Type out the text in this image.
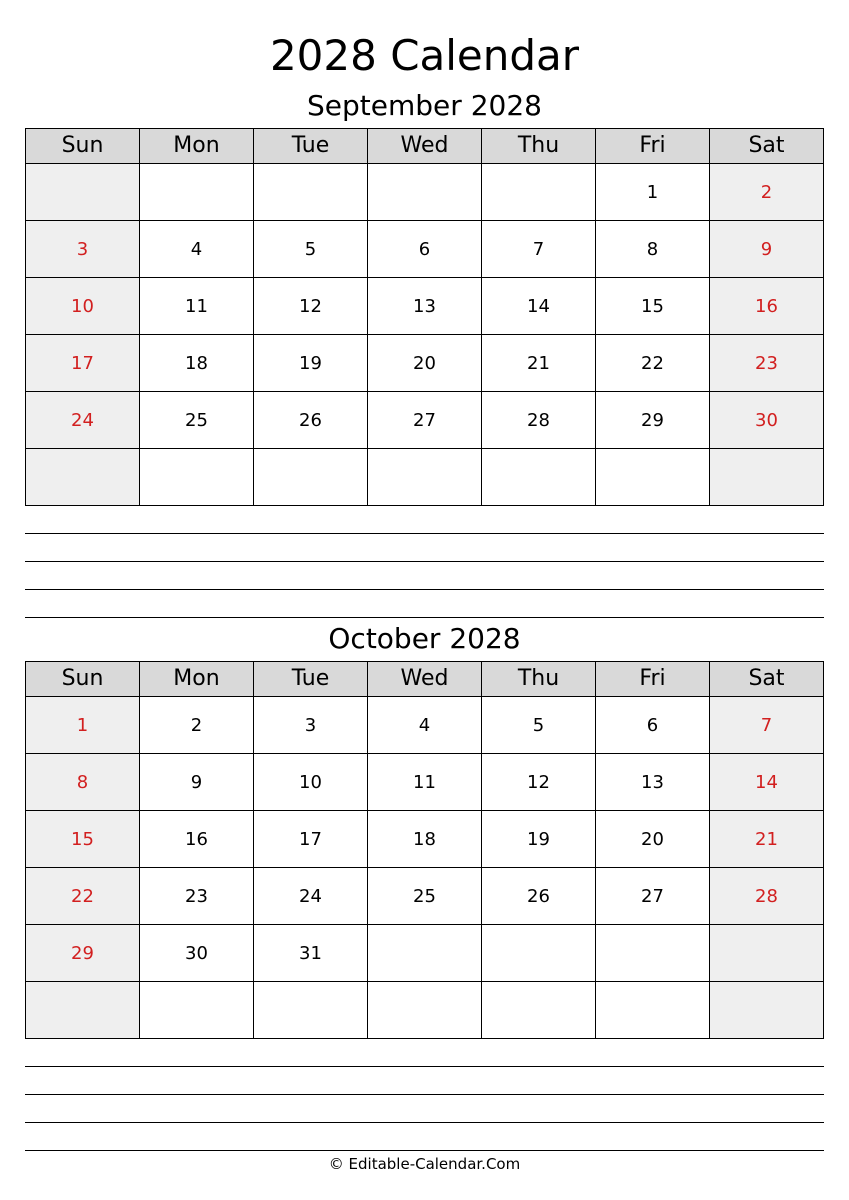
2028 Calendar
September 2028
Sun	Mon	Tue	Wed	Thu	Fri	Sat
					1	2
3	4	5	6	7	8	9
10	11	12	13	14	15	16
17	18	19	20	21	22	23
24	25	26	27	28	29	30

October 2028
Sun	Mon	Tue	Wed	Thu	Fri	Sat
1	2	3	4	5	6	7
8	9	10	11	12	13	14
15	16	17	18	19	20	21
22	23	24	25	26	27	28
29	30	31				

© Editable-Calendar.Com
